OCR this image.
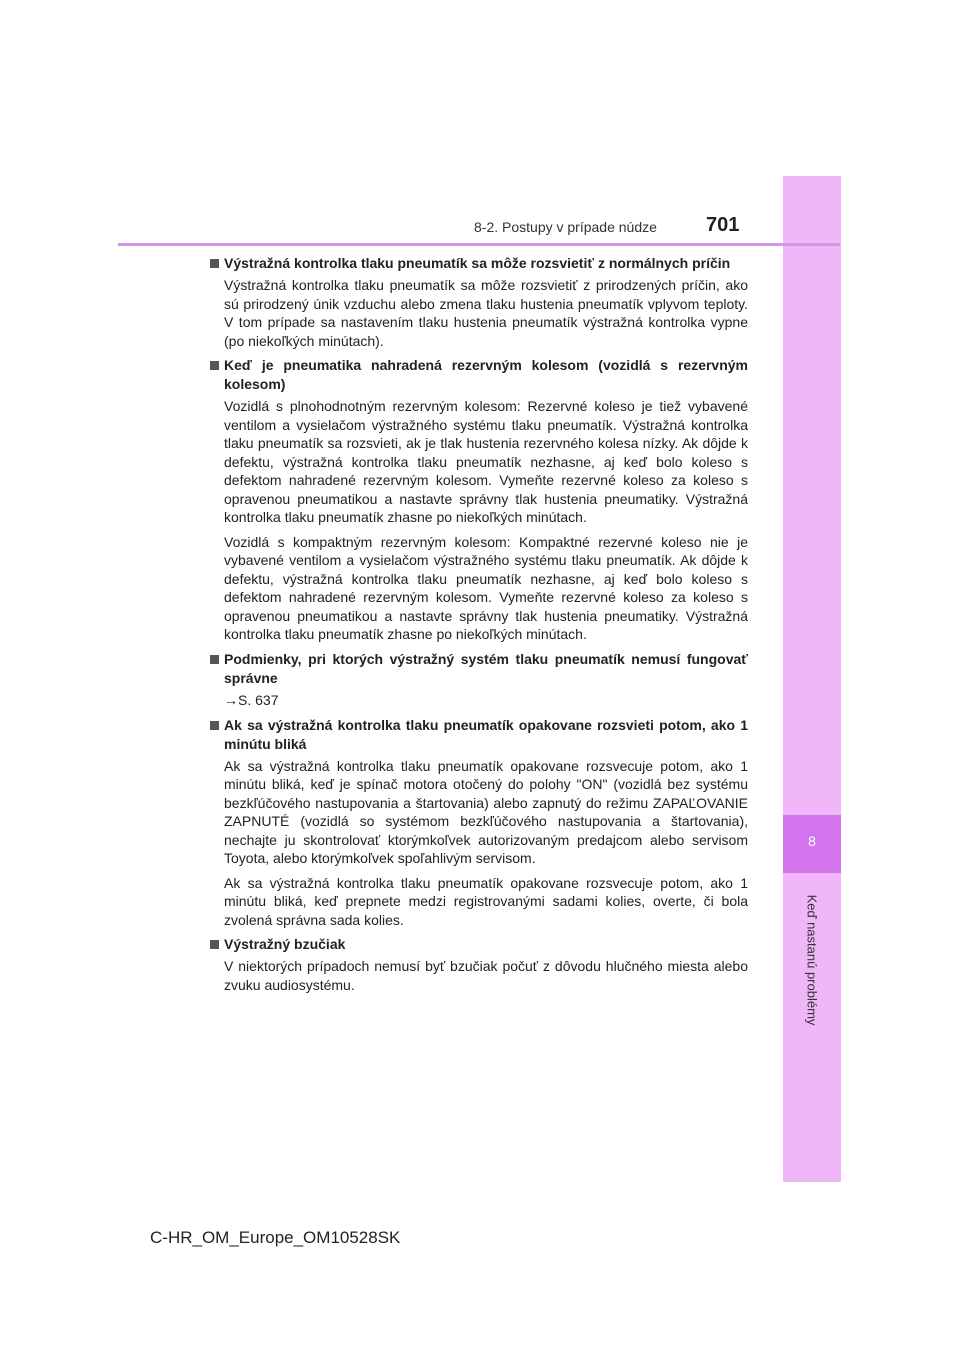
8
Keď nastanú problémy
8-2. Postupy v prípade núdze	701
Výstražná kontrolka tlaku pneumatík sa môže rozsvietiť z normálnych príčin

Výstražná kontrolka tlaku pneumatík sa môže rozsvietiť z prirodzených príčin, ako sú prirodzený únik vzduchu alebo zmena tlaku hustenia pneumatík vplyvom teploty. V tom prípade sa nastavením tlaku hustenia pneumatík výstražná kontrolka vypne (po niekoľkých minútach).

Keď je pneumatika nahradená rezervným kolesom (vozidlá s rezervným kolesom)

Vozidlá s plnohodnotným rezervným kolesom: Rezervné koleso je tiež vybavené ventilom a vysielačom výstražného systému tlaku pneumatík. Výstražná kontrolka tlaku pneumatík sa rozsvieti, ak je tlak hustenia rezervného kolesa nízky. Ak dôjde k defektu, výstražná kontrolka tlaku pneumatík nezhasne, aj keď bolo koleso s defektom nahradené rezervným kolesom. Vymeňte rezervné koleso za koleso s opravenou pneumatikou a nastavte správny tlak hustenia pneumatiky. Výstražná kontrolka tlaku pneumatík zhasne po niekoľkých minútach.

Vozidlá s kompaktným rezervným kolesom: Kompaktné rezervné koleso nie je vybavené ventilom a vysielačom výstražného systému tlaku pneumatík. Ak dôjde k defektu, výstražná kontrolka tlaku pneumatík nezhasne, aj keď bolo koleso s defektom nahradené rezervným kolesom. Vymeňte rezervné koleso za koleso s opravenou pneumatikou a nastavte správny tlak hustenia pneumatiky. Výstražná kontrolka tlaku pneumatík zhasne po niekoľkých minútach.

Podmienky, pri ktorých výstražný systém tlaku pneumatík nemusí fungovať správne

→S. 637

Ak sa výstražná kontrolka tlaku pneumatík opakovane rozsvieti potom, ako 1 minútu bliká

Ak sa výstražná kontrolka tlaku pneumatík opakovane rozsvecuje potom, ako 1 minútu bliká, keď je spínač motora otočený do polohy "ON" (vozidlá bez systému bezkľúčového nastupovania a štartovania) alebo zapnutý do režimu ZAPAĽOVANIE ZAPNUTÉ (vozidlá so systémom bezkľúčového nastupovania a štartovania), nechajte ju skontrolovať ktorýmkoľvek autorizovaným predajcom alebo servisom Toyota, alebo ktorýmkoľvek spoľahlivým servisom.

Ak sa výstražná kontrolka tlaku pneumatík opakovane rozsvecuje potom, ako 1 minútu bliká, keď prepnete medzi registrovanými sadami kolies, overte, či bola zvolená správna sada kolies.

Výstražný bzučiak

V niektorých prípadoch nemusí byť bzučiak počuť z dôvodu hlučného miesta alebo zvuku audiosystému.

C-HR_OM_Europe_OM10528SK
